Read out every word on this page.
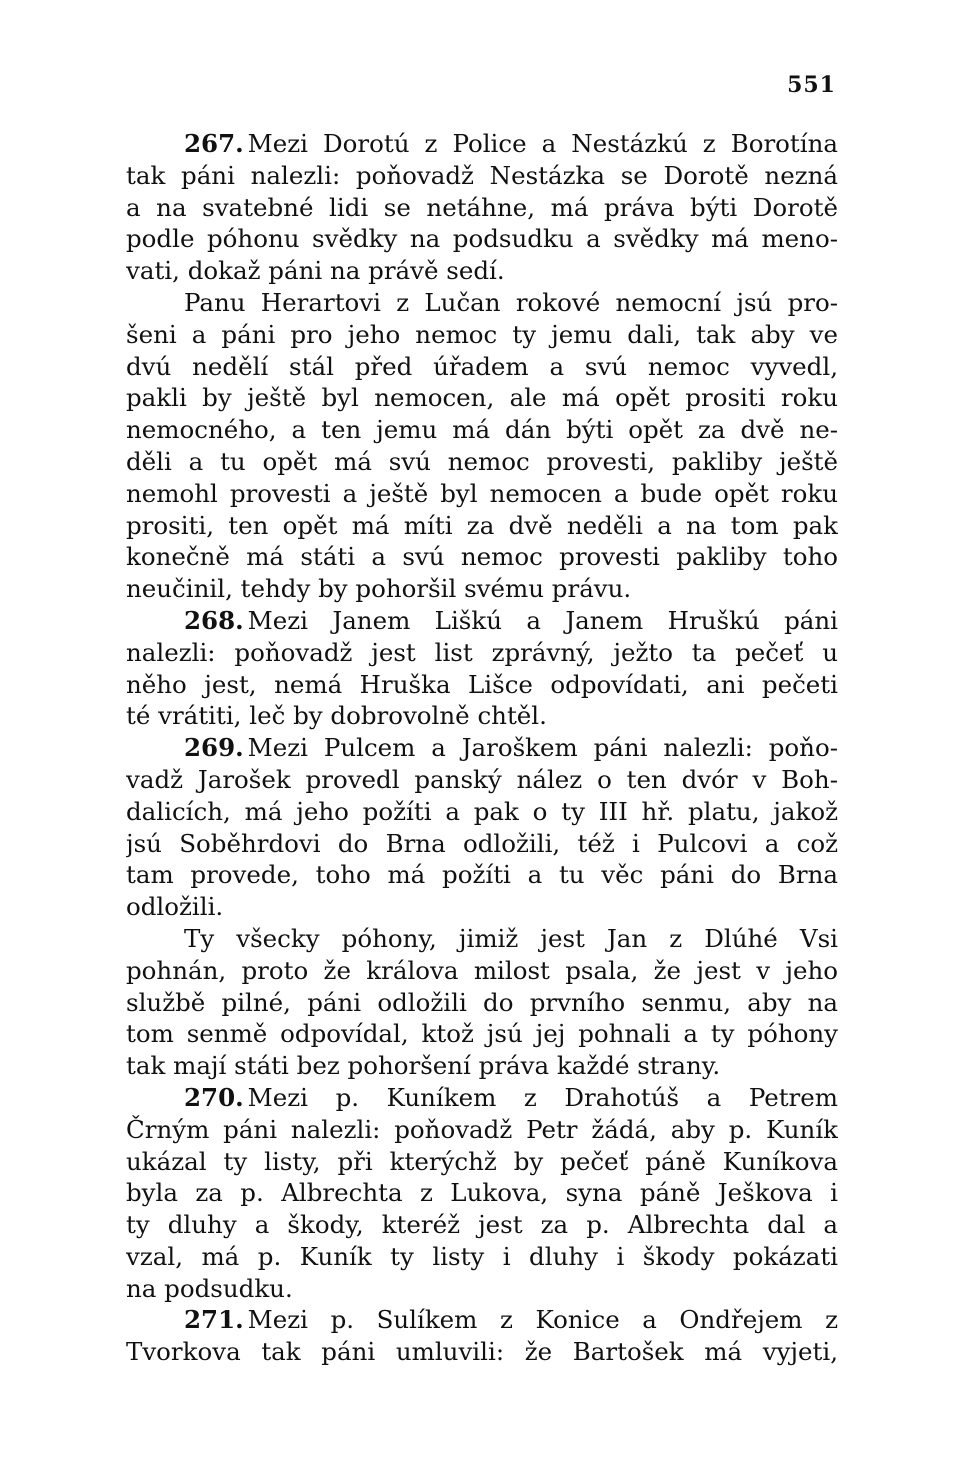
551
267. Mezi Dorotú z Police a Nestázkú z Borotína
tak páni nalezli: poňovadž Nestázka se Dorotě nezná
a na svatebné lidi se netáhne, má práva býti Dorotě
podle póhonu svědky na podsudku a svědky má meno-
vati, dokaž páni na právě sedí.
Panu Herartovi z Lučan rokové nemocní jsú pro-
šeni a páni pro jeho nemoc ty jemu dali, tak aby ve
dvú nedělí stál před úřadem a svú nemoc vyvedl,
pakli by ještě byl nemocen, ale má opět prositi roku
nemocného, a ten jemu má dán býti opět za dvě ne-
děli a tu opět má svú nemoc provesti, pakliby ještě
nemohl provesti a ještě byl nemocen a bude opět roku
prositi, ten opět má míti za dvě neděli a na tom pak
konečně má státi a svú nemoc provesti pakliby toho
neučinil, tehdy by pohoršil svému právu.
268. Mezi Janem Liškú a Janem Hruškú páni
nalezli: poňovadž jest list zprávný, ježto ta pečeť u
něho jest, nemá Hruška Lišce odpovídati, ani pečeti
té vrátiti, leč by dobrovolně chtěl.
269. Mezi Pulcem a Jaroškem páni nalezli: poňo-
vadž Jarošek provedl panský nález o ten dvór v Boh-
dalicích, má jeho požíti a pak o ty III hř. platu, jakož
jsú Soběhrdovi do Brna odložili, též i Pulcovi a což
tam provede, toho má požíti a tu věc páni do Brna
odložili.
Ty všecky póhony, jimiž jest Jan z Dlúhé Vsi
pohnán, proto že králova milost psala, že jest v jeho
službě pilné, páni odložili do prvního senmu, aby na
tom senmě odpovídal, ktož jsú jej pohnali a ty póhony
tak mají státi bez pohoršení práva každé strany.
270. Mezi p. Kuníkem z Drahotúš a Petrem
Črným páni nalezli: poňovadž Petr žádá, aby p. Kuník
ukázal ty listy, při kterýchž by pečeť páně Kuníkova
byla za p. Albrechta z Lukova, syna páně Ješkova i
ty dluhy a škody, kteréž jest za p. Albrechta dal a
vzal, má p. Kuník ty listy i dluhy i škody pokázati
na podsudku.
271. Mezi p. Sulíkem z Konice a Ondřejem z
Tvorkova tak páni umluvili: že Bartošek má vyjeti,
